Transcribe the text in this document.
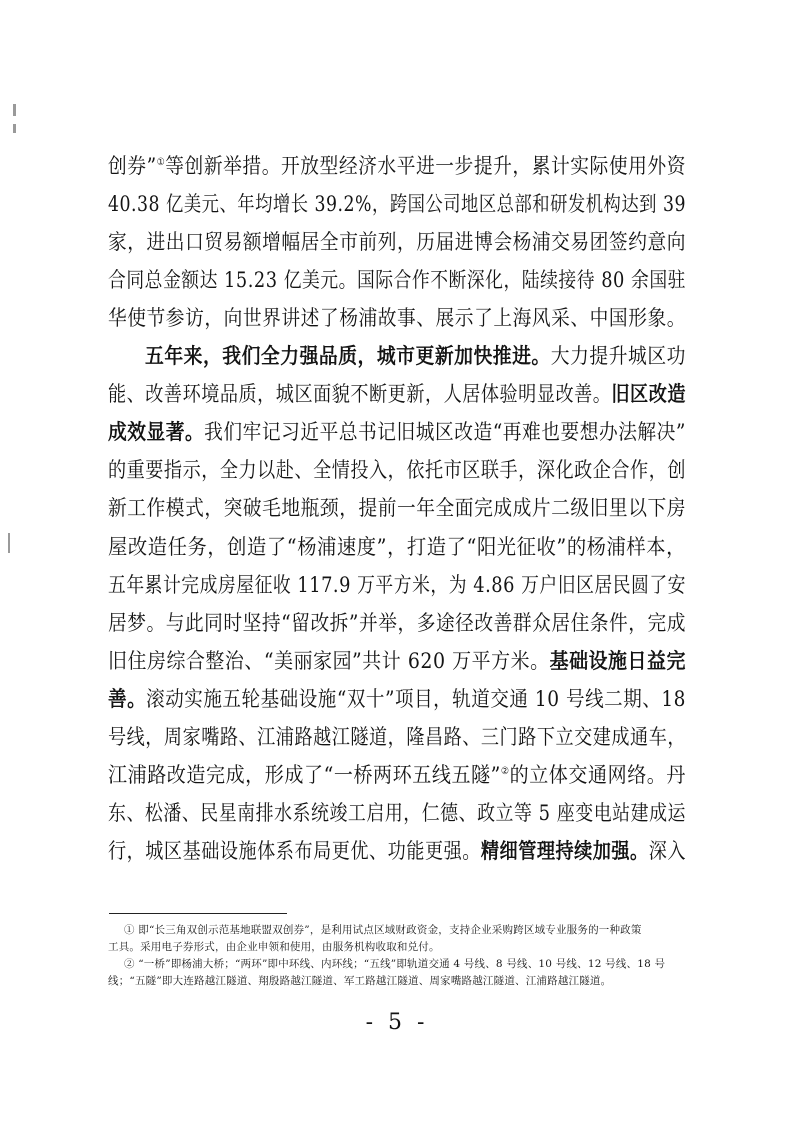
创券”①等创新举措。开放型经济水平进一步提升，累计实际使用外资
40.38 亿美元、年均增长 39.2%，跨国公司地区总部和研发机构达到 39
家，进出口贸易额增幅居全市前列，历届进博会杨浦交易团签约意向
合同总金额达 15.23 亿美元。国际合作不断深化，陆续接待 80 余国驻
华使节参访，向世界讲述了杨浦故事、展示了上海风采、中国形象。
五年来，我们全力强品质，城市更新加快推进。大力提升城区功
能、改善环境品质，城区面貌不断更新，人居体验明显改善。旧区改造
成效显著。我们牢记习近平总书记旧城区改造“再难也要想办法解决”
的重要指示，全力以赴、全情投入，依托市区联手，深化政企合作，创
新工作模式，突破毛地瓶颈，提前一年全面完成成片二级旧里以下房
屋改造任务，创造了“杨浦速度”，打造了“阳光征收”的杨浦样本，
五年累计完成房屋征收 117.9 万平方米，为 4.86 万户旧区居民圆了安
居梦。与此同时坚持“留改拆”并举，多途径改善群众居住条件，完成
旧住房综合整治、“美丽家园”共计 620 万平方米。基础设施日益完
善。滚动实施五轮基础设施“双十”项目，轨道交通 10 号线二期、18
号线，周家嘴路、江浦路越江隧道，隆昌路、三门路下立交建成通车，
江浦路改造完成，形成了“一桥两环五线五隧”②的立体交通网络。丹
东、松潘、民星南排水系统竣工启用，仁德、政立等 5 座变电站建成运
行，城区基础设施体系布局更优、功能更强。精细管理持续加强。深入
① 即“长三角双创示范基地联盟双创券”，是利用试点区域财政资金，支持企业采购跨区域专业服务的一种政策
工具。采用电子券形式，由企业申领和使用，由服务机构收取和兑付。
② “一桥”即杨浦大桥；“两环”即中环线、内环线；“五线”即轨道交通 4 号线、8 号线、10 号线、12 号线、18 号
线；“五隧”即大连路越江隧道、翔殷路越江隧道、军工路越江隧道、周家嘴路越江隧道、江浦路越江隧道。
- 5 -
